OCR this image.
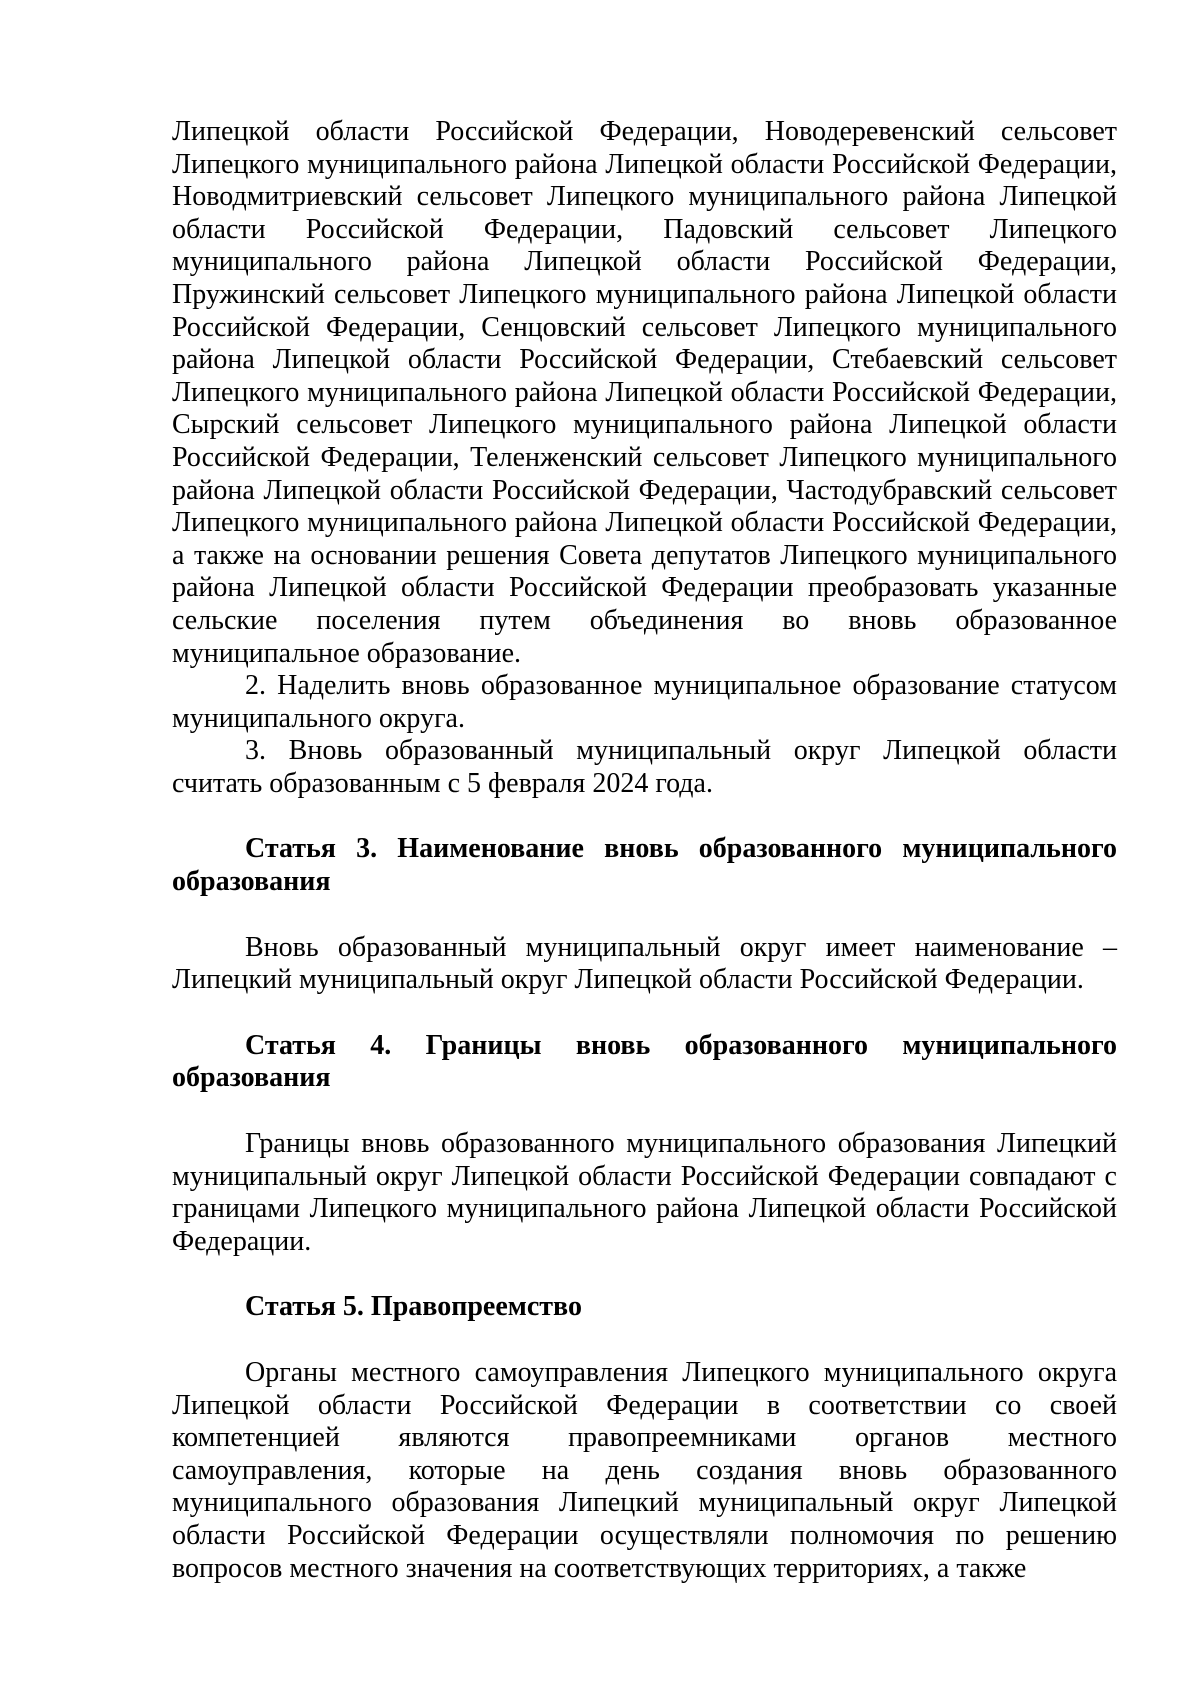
Липецкой области Российской Федерации, Новодеревенский сельсовет Липецкого муниципального района Липецкой области Российской Федерации, Новодмитриевский сельсовет Липецкого муниципального района Липецкой области Российской Федерации, Падовский сельсовет Липецкого муниципального района Липецкой области Российской Федерации, Пружинский сельсовет Липецкого муниципального района Липецкой области Российской Федерации, Сенцовский сельсовет Липецкого муниципального района Липецкой области Российской Федерации, Стебаевский сельсовет Липецкого муниципального района Липецкой области Российской Федерации, Сырский сельсовет Липецкого муниципального района Липецкой области Российской Федерации, Теленженский сельсовет Липецкого муниципального района Липецкой области Российской Федерации, Частодубравский сельсовет Липецкого муниципального района Липецкой области Российской Федерации, а также на основании решения Совета депутатов Липецкого муниципального района Липецкой области Российской Федерации преобразовать указанные сельские поселения путем объединения во вновь образованное муниципальное образование.

2. Наделить вновь образованное муниципальное образование статусом муниципального округа.

3. Вновь образованный муниципальный округ Липецкой области считать образованным с 5 февраля 2024 года.

Статья 3. Наименование вновь образованного муниципального образования

Вновь образованный муниципальный округ имеет наименование – Липецкий муниципальный округ Липецкой области Российской Федерации.

Статья 4. Границы вновь образованного муниципального образования

Границы вновь образованного муниципального образования Липецкий муниципальный округ Липецкой области Российской Федерации совпадают с границами Липецкого муниципального района Липецкой области Российской Федерации.

Статья 5. Правопреемство

Органы местного самоуправления Липецкого муниципального округа Липецкой области Российской Федерации в соответствии со своей компетенцией являются правопреемниками органов местного самоуправления, которые на день создания вновь образованного муниципального образования Липецкий муниципальный округ Липецкой области Российской Федерации осуществляли полномочия по решению вопросов местного значения на соответствующих территориях, а также
